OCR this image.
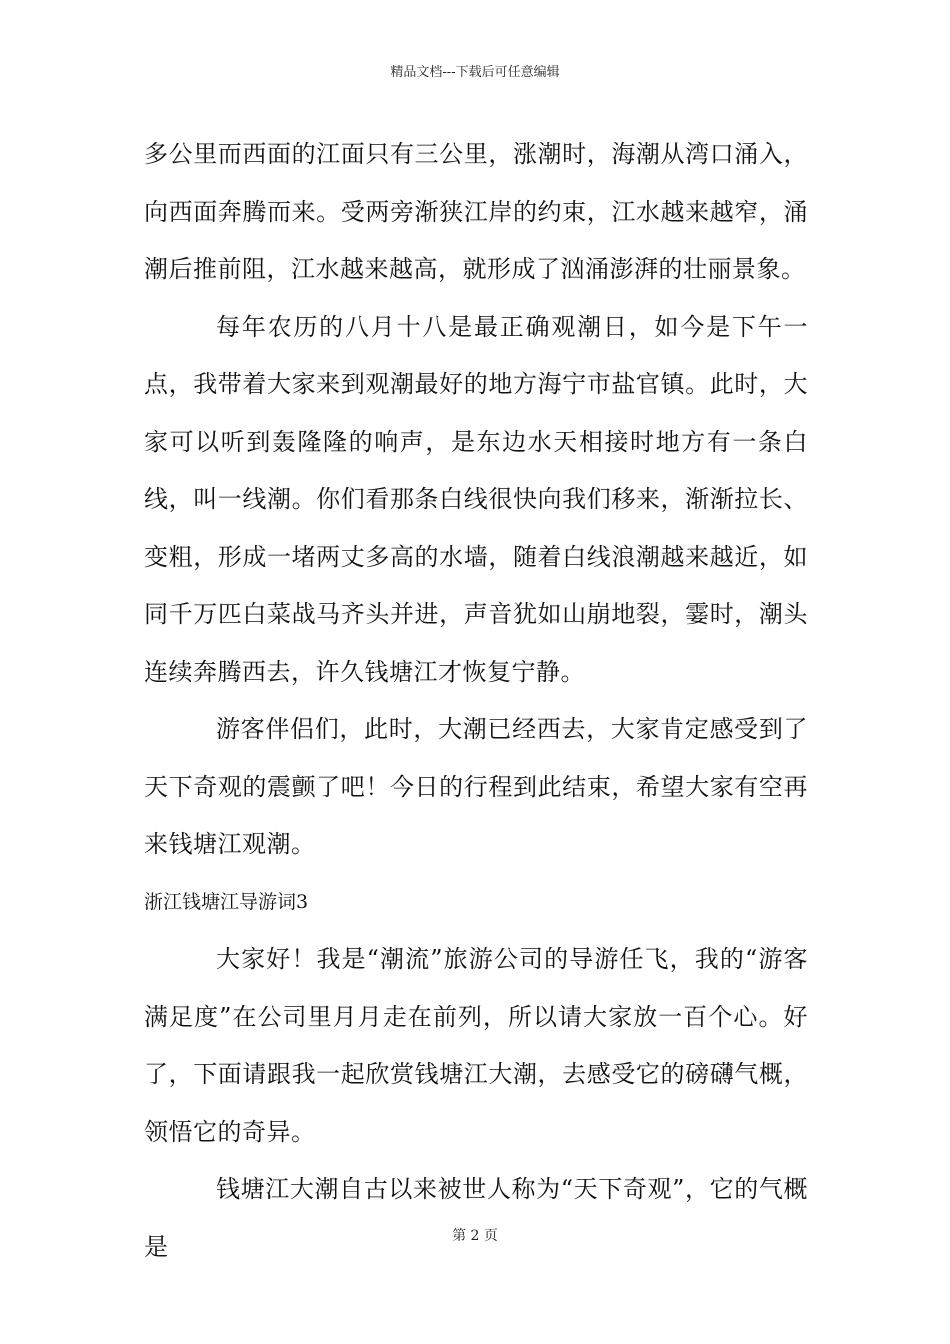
精品文档---下载后可任意编辑

多公里而西面的江面只有三公里，涨潮时，海潮从湾口涌入，向西面奔腾而来。受两旁渐狭江岸的约束，江水越来越窄，涌潮后推前阻，江水越来越高，就形成了汹涌澎湃的壮丽景象。

每年农历的八月十八是最正确观潮日，如今是下午一点，我带着大家来到观潮最好的地方海宁市盐官镇。此时，大家可以听到轰隆隆的响声，是东边水天相接时地方有一条白线，叫一线潮。你们看那条白线很快向我们移来，渐渐拉长、变粗，形成一堵两丈多高的水墙，随着白线浪潮越来越近，如同千万匹白菜战马齐头并进，声音犹如山崩地裂，霎时，潮头连续奔腾西去，许久钱塘江才恢复宁静。

游客伴侣们，此时，大潮已经西去，大家肯定感受到了天下奇观的震颤了吧！今日的行程到此结束，希望大家有空再来钱塘江观潮。

浙江钱塘江导游词3

大家好！我是“潮流”旅游公司的导游任飞，我的“游客满足度”在公司里月月走在前列，所以请大家放一百个心。好了，下面请跟我一起欣赏钱塘江大潮，去感受它的磅礴气概，领悟它的奇异。

钱塘江大潮自古以来被世人称为“天下奇观”，它的气概是	第 2 页
